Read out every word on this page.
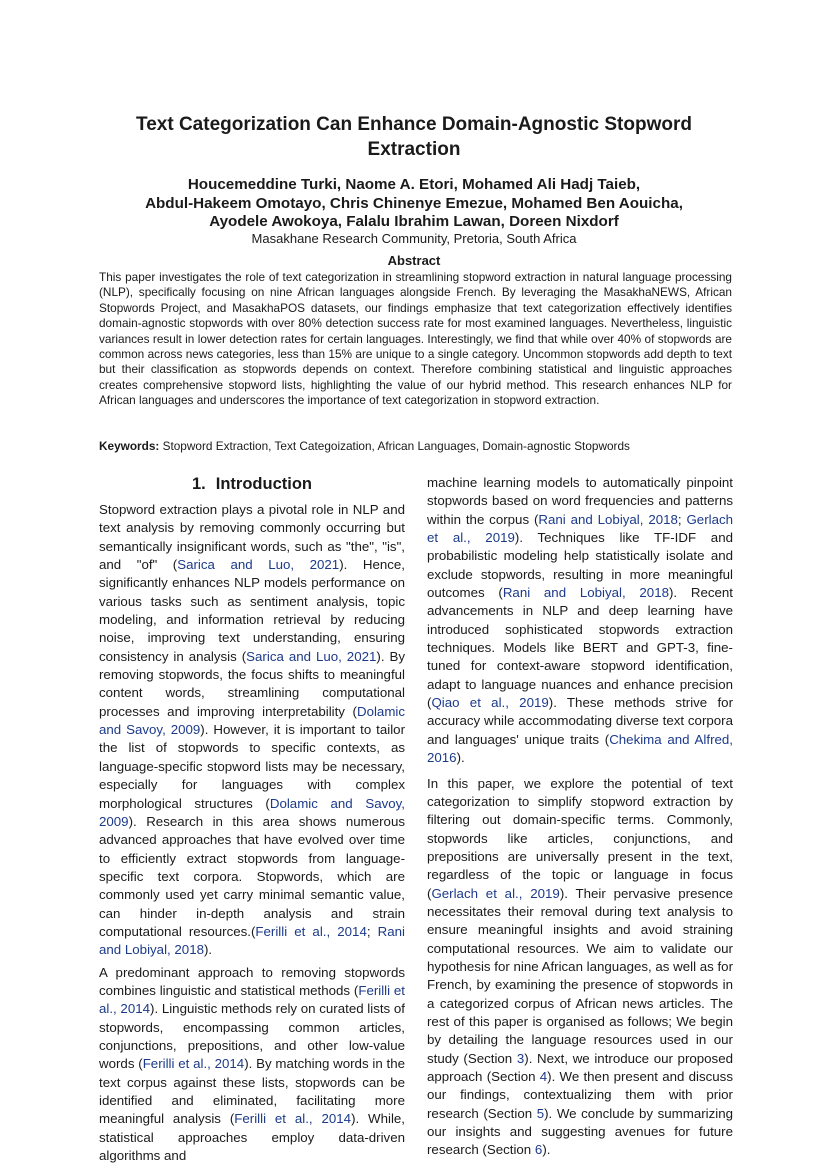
Text Categorization Can Enhance Domain-Agnostic Stopword Extraction
Houcemeddine Turki, Naome A. Etori, Mohamed Ali Hadj Taieb,
Abdul-Hakeem Omotayo, Chris Chinenye Emezue, Mohamed Ben Aouicha,
Ayodele Awokoya, Falalu Ibrahim Lawan, Doreen Nixdorf
Masakhane Research Community, Pretoria, South Africa
Abstract
This paper investigates the role of text categorization in streamlining stopword extraction in natural language processing (NLP), specifically focusing on nine African languages alongside French. By leveraging the MasakhaNEWS, African Stopwords Project, and MasakhaPOS datasets, our findings emphasize that text categorization effectively identifies domain-agnostic stopwords with over 80% detection success rate for most examined languages. Nevertheless, linguistic variances result in lower detection rates for certain languages. Interestingly, we find that while over 40% of stopwords are common across news categories, less than 15% are unique to a single category. Uncommon stopwords add depth to text but their classification as stopwords depends on context. Therefore combining statistical and linguistic approaches creates comprehensive stopword lists, highlighting the value of our hybrid method. This research enhances NLP for African languages and underscores the importance of text categorization in stopword extraction.
Keywords: Stopword Extraction, Text Categoization, African Languages, Domain-agnostic Stopwords
1. Introduction

Stopword extraction plays a pivotal role in NLP and text analysis by removing commonly occurring but semantically insignificant words, such as "the", "is", and "of" (Sarica and Luo, 2021). Hence, significantly enhances NLP models performance on various tasks such as sentiment analysis, topic modeling, and information retrieval by reducing noise, improving text understanding, ensuring consistency in analysis (Sarica and Luo, 2021). By removing stopwords, the focus shifts to meaningful content words, streamlining computational processes and improving interpretability (Dolamic and Savoy, 2009). However, it is important to tailor the list of stopwords to specific contexts, as language-specific stopword lists may be necessary, especially for languages with complex morphological structures (Dolamic and Savoy, 2009). Research in this area shows numerous advanced approaches that have evolved over time to efficiently extract stopwords from language-specific text corpora. Stopwords, which are commonly used yet carry minimal semantic value, can hinder in-depth analysis and strain computational resources.(Ferilli et al., 2014; Rani and Lobiyal, 2018).

A predominant approach to removing stopwords combines linguistic and statistical methods (Ferilli et al., 2014). Linguistic methods rely on curated lists of stopwords, encompassing common articles, conjunctions, prepositions, and other low-value words (Ferilli et al., 2014). By matching words in the text corpus against these lists, stopwords can be identified and eliminated, facilitating more meaningful analysis (Ferilli et al., 2014). While, statistical approaches employ data-driven algorithms and

machine learning models to automatically pinpoint stopwords based on word frequencies and patterns within the corpus (Rani and Lobiyal, 2018; Gerlach et al., 2019). Techniques like TF-IDF and probabilistic modeling help statistically isolate and exclude stopwords, resulting in more meaningful outcomes (Rani and Lobiyal, 2018). Recent advancements in NLP and deep learning have introduced sophisticated stopwords extraction techniques. Models like BERT and GPT-3, fine-tuned for context-aware stopword identification, adapt to language nuances and enhance precision (Qiao et al., 2019). These methods strive for accuracy while accommodating diverse text corpora and languages' unique traits (Chekima and Alfred, 2016).

In this paper, we explore the potential of text categorization to simplify stopword extraction by filtering out domain-specific terms. Commonly, stopwords like articles, conjunctions, and prepositions are universally present in the text, regardless of the topic or language in focus (Gerlach et al., 2019). Their pervasive presence necessitates their removal during text analysis to ensure meaningful insights and avoid straining computational resources. We aim to validate our hypothesis for nine African languages, as well as for French, by examining the presence of stopwords in a categorized corpus of African news articles. The rest of this paper is organised as follows; We begin by detailing the language resources used in our study (Section 3). Next, we introduce our proposed approach (Section 4). We then present and discuss our findings, contextualizing them with prior research (Section 5). We conclude by summarizing our insights and suggesting avenues for future research (Section 6).
